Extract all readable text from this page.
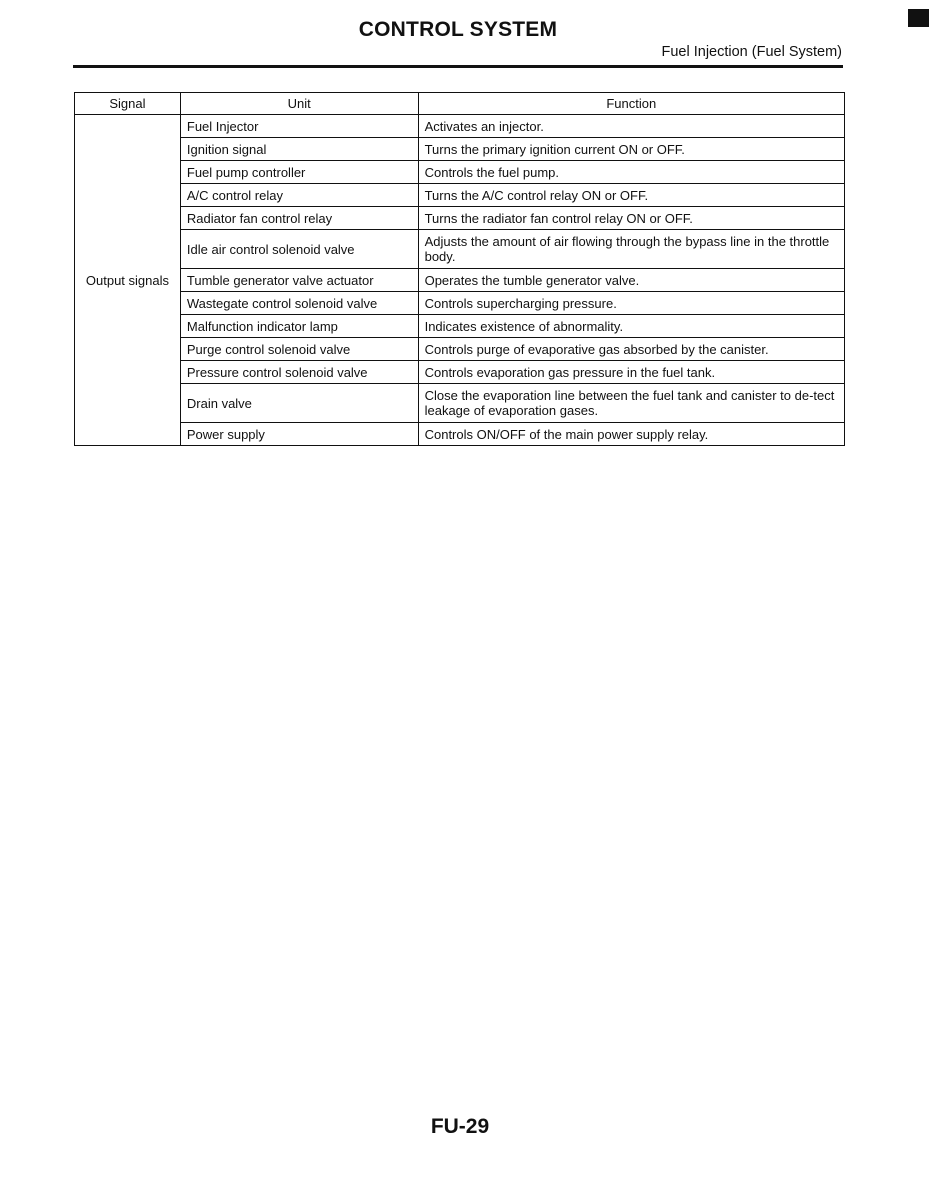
CONTROL SYSTEM
Fuel Injection (Fuel System)
Signal	Unit	Function
Output signals	Fuel Injector	Activates an injector.
	Ignition signal	Turns the primary ignition current ON or OFF.
	Fuel pump controller	Controls the fuel pump.
	A/C control relay	Turns the A/C control relay ON or OFF.
	Radiator fan control relay	Turns the radiator fan control relay ON or OFF.
	Idle air control solenoid valve	Adjusts the amount of air flowing through the bypass line in the throttle body.
	Tumble generator valve actuator	Operates the tumble generator valve.
	Wastegate control solenoid valve	Controls supercharging pressure.
	Malfunction indicator lamp	Indicates existence of abnormality.
	Purge control solenoid valve	Controls purge of evaporative gas absorbed by the canister.
	Pressure control solenoid valve	Controls evaporation gas pressure in the fuel tank.
	Drain valve	Close the evaporation line between the fuel tank and canister to de-tect leakage of evaporation gases.
	Power supply	Controls ON/OFF of the main power supply relay.
FU-29
